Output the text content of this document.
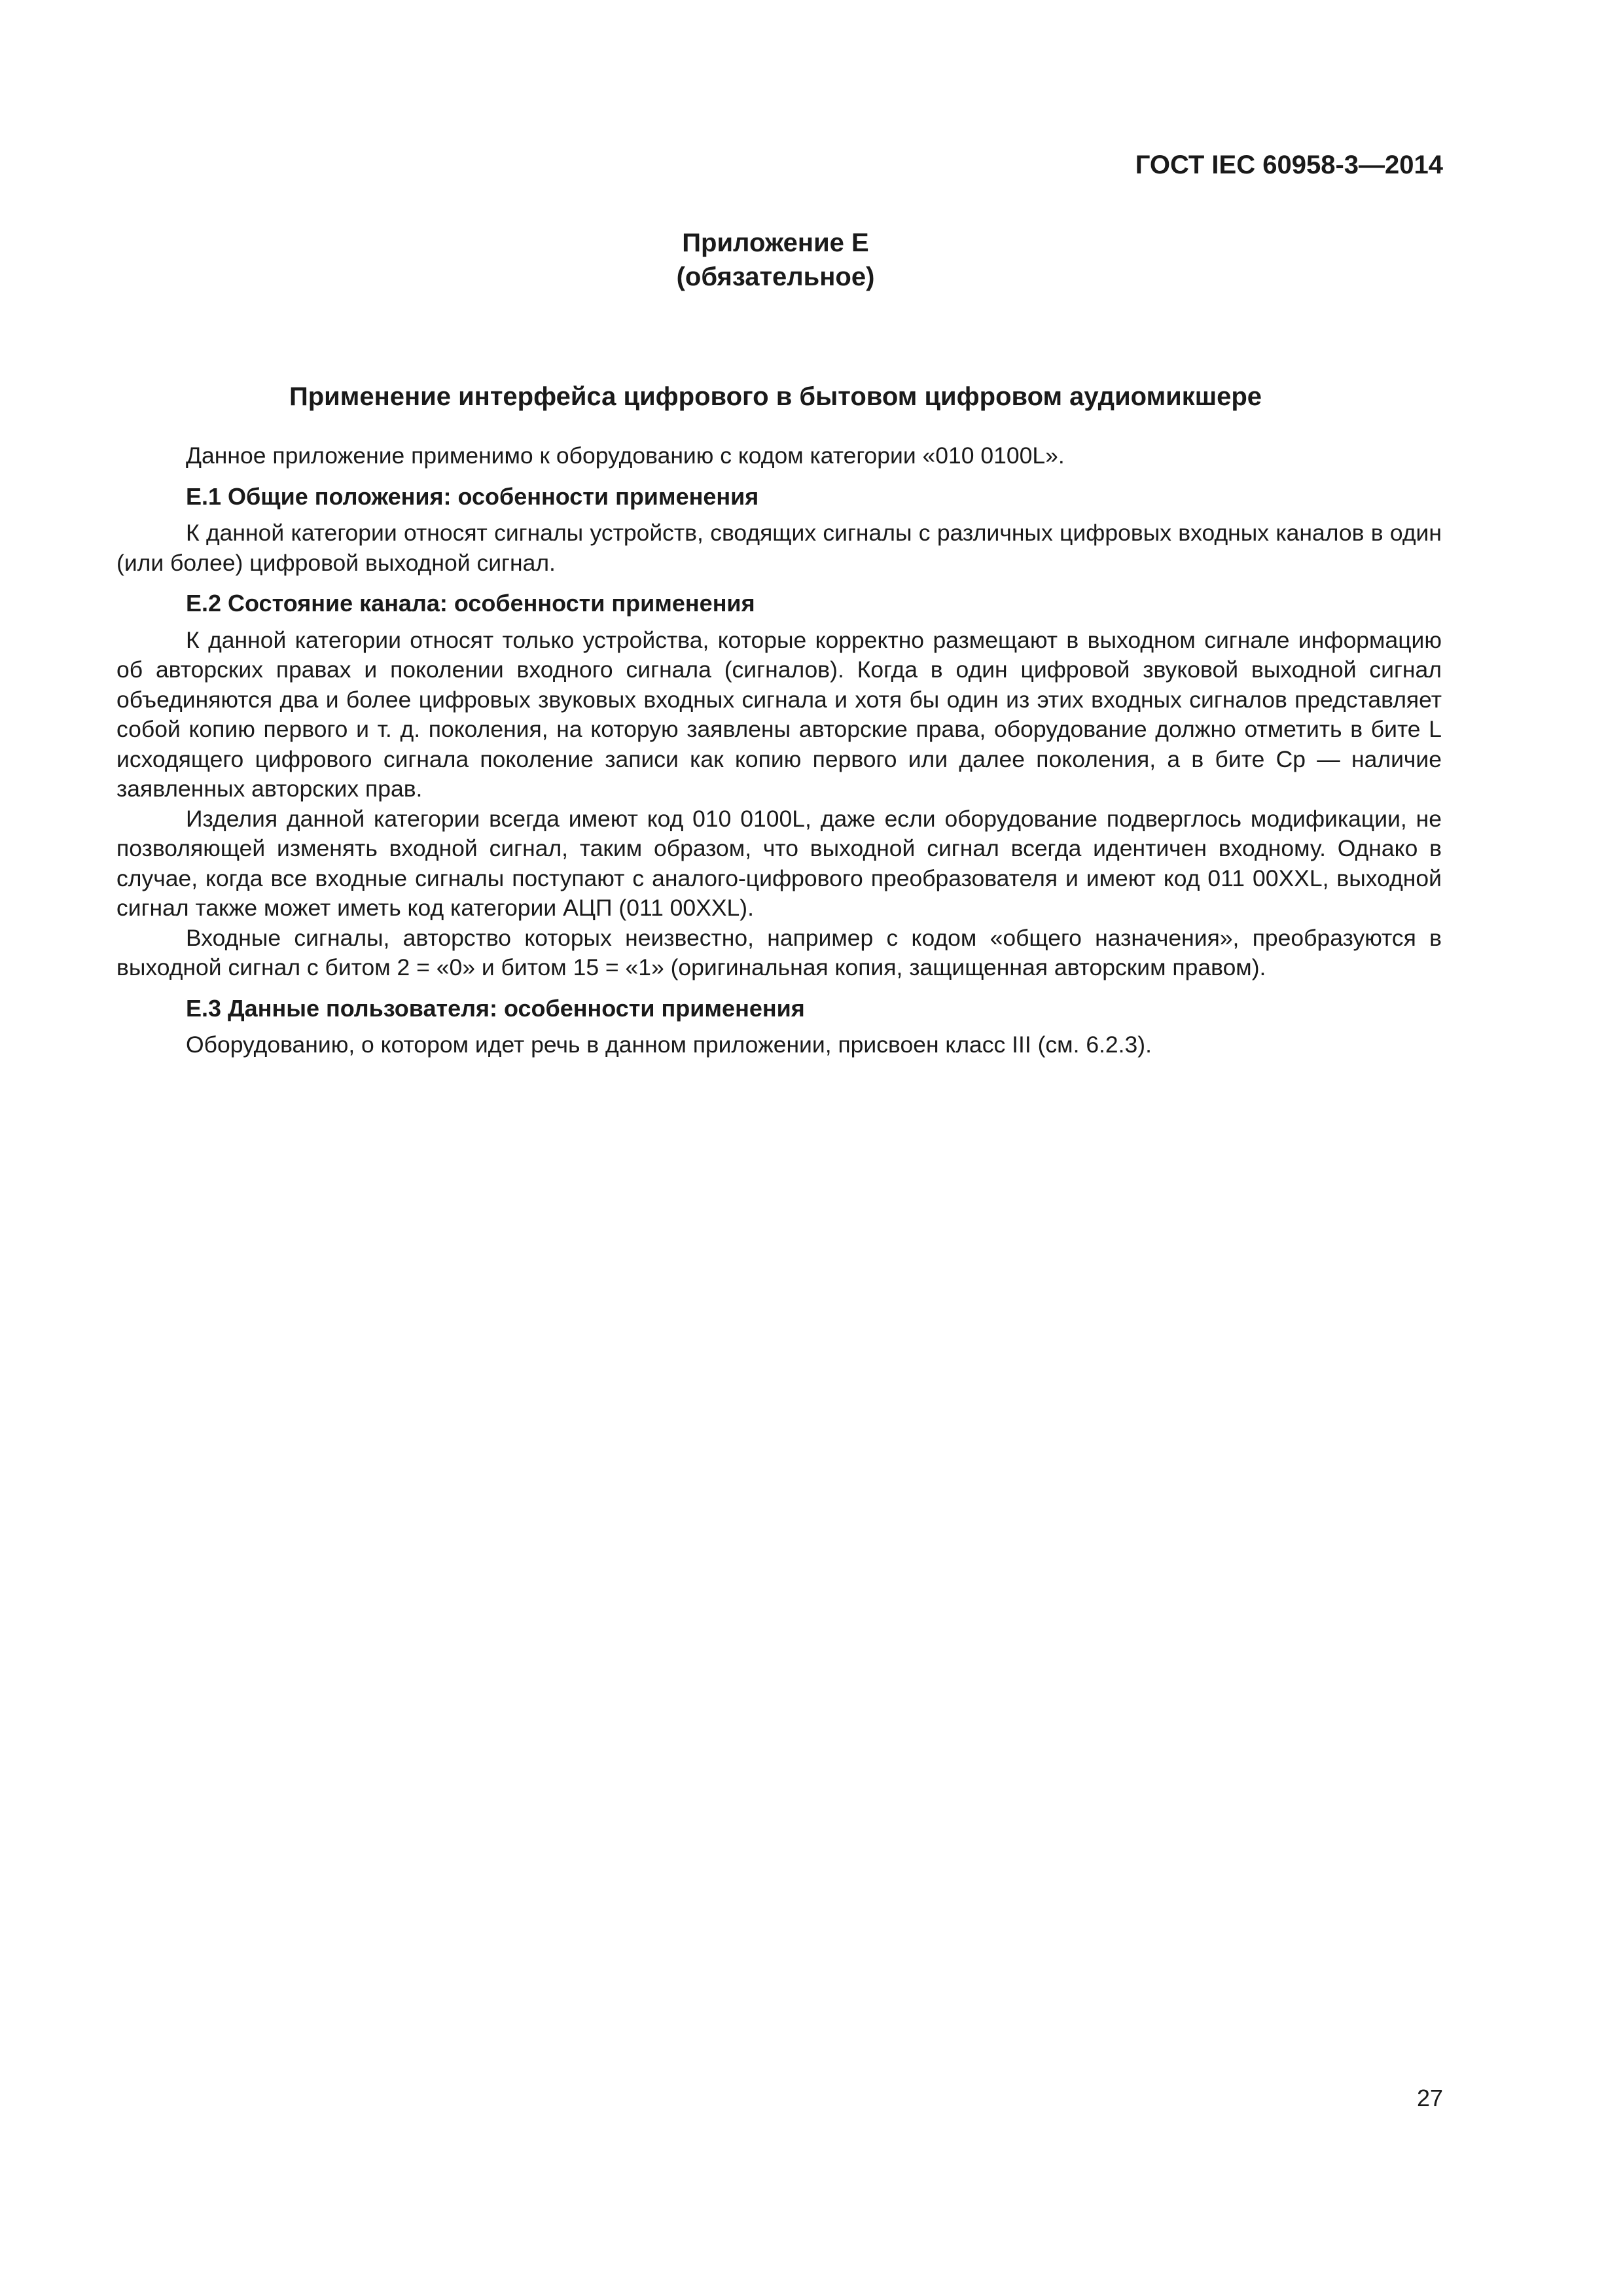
ГОСТ IEC 60958-3—2014
Приложение Е
(обязательное)
Применение интерфейса цифрового в бытовом цифровом аудиомикшере

Данное приложение применимо к оборудованию с кодом категории «010 0100L».

Е.1 Общие положения: особенности применения

К данной категории относят сигналы устройств, сводящих сигналы с различных цифровых входных каналов в один (или более) цифровой выходной сигнал.

Е.2 Состояние канала: особенности применения

К данной категории относят только устройства, которые корректно размещают в выходном сигнале информацию об авторских правах и поколении входного сигнала (сигналов). Когда в один цифровой звуковой выходной сигнал объединяются два и более цифровых звуковых входных сигнала и хотя бы один из этих входных сигналов представляет собой копию первого и т. д. поколения, на которую заявлены авторские права, оборудование должно отметить в бите L исходящего цифрового сигнала поколение записи как копию первого или далее поколения, а в бите Cp — наличие заявленных авторских прав.

Изделия данной категории всегда имеют код 010 0100L, даже если оборудование подверглось модификации, не позволяющей изменять входной сигнал, таким образом, что выходной сигнал всегда идентичен входному. Однако в случае, когда все входные сигналы поступают с аналого-цифрового преобразователя и имеют код 011 00XXL, выходной сигнал также может иметь код категории АЦП (011 00XXL).

Входные сигналы, авторство которых неизвестно, например с кодом «общего назначения», преобразуются в выходной сигнал с битом 2 = «0» и битом 15 = «1» (оригинальная копия, защищенная авторским правом).

Е.3 Данные пользователя: особенности применения

Оборудованию, о котором идет речь в данном приложении, присвоен класс III (см. 6.2.3).

27
